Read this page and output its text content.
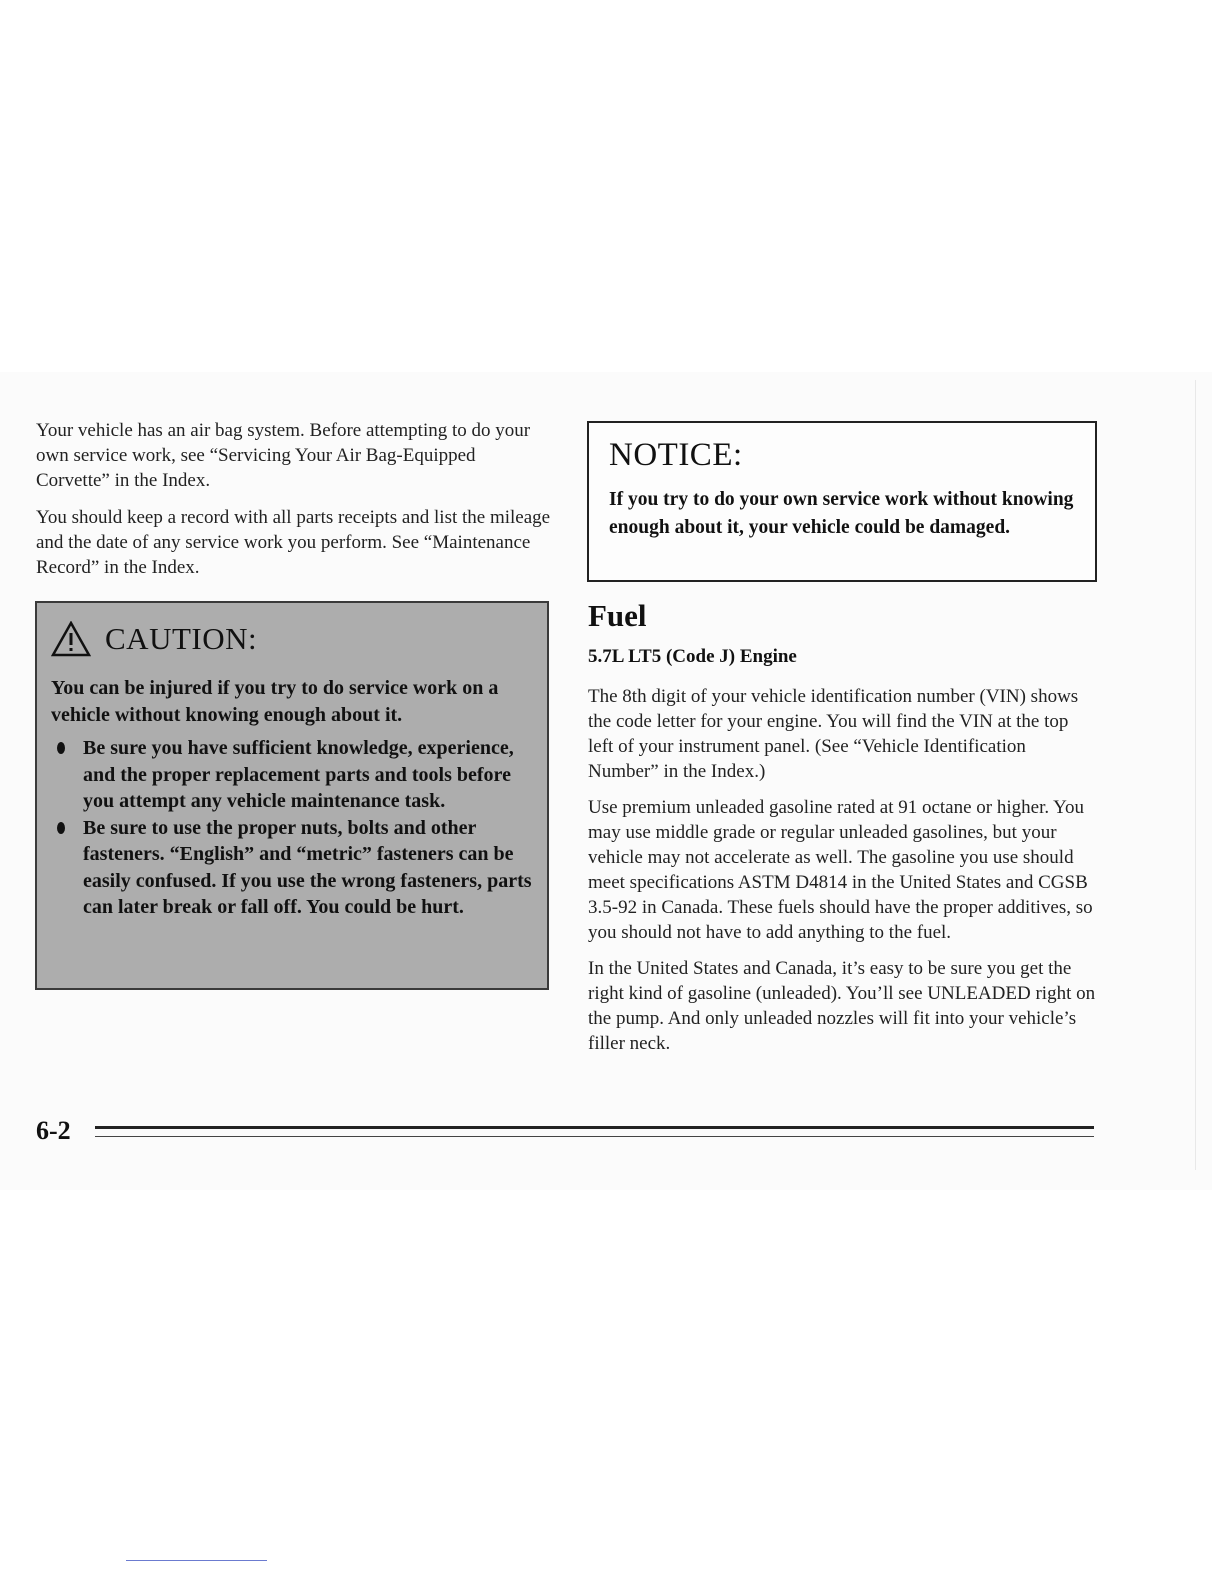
Your vehicle has an air bag system. Before attempting to do your own service work, see “Servicing Your Air Bag-Equipped Corvette” in the Index.

You should keep a record with all parts receipts and list the mileage and the date of any service work you perform. See “Maintenance Record” in the Index.

CAUTION:

You can be injured if you try to do service work on a vehicle without knowing enough about it.

Be sure you have sufficient knowledge, experience, and the proper replacement parts and tools before you attempt any vehicle maintenance task.
Be sure to use the proper nuts, bolts and other fasteners. “English” and “metric” fasteners can be easily confused. If you use the wrong fasteners, parts can later break or fall off. You could be hurt.

NOTICE:

If you try to do your own service work without knowing enough about it, your vehicle could be damaged.

Fuel
5.7L LT5 (Code J) Engine

The 8th digit of your vehicle identification number (VIN) shows the code letter for your engine. You will find the VIN at the top left of your instrument panel. (See “Vehicle Identification Number” in the Index.)

Use premium unleaded gasoline rated at 91 octane or higher. You may use middle grade or regular unleaded gasolines, but your vehicle may not accelerate as well. The gasoline you use should meet specifications ASTM D4814 in the United States and CGSB 3.5-92 in Canada. These fuels should have the proper additives, so you should not have to add anything to the fuel.

In the United States and Canada, it’s easy to be sure you get the right kind of gasoline (unleaded). You’ll see UNLEADED right on the pump. And only unleaded nozzles will fit into your vehicle’s filler neck.

6-2
